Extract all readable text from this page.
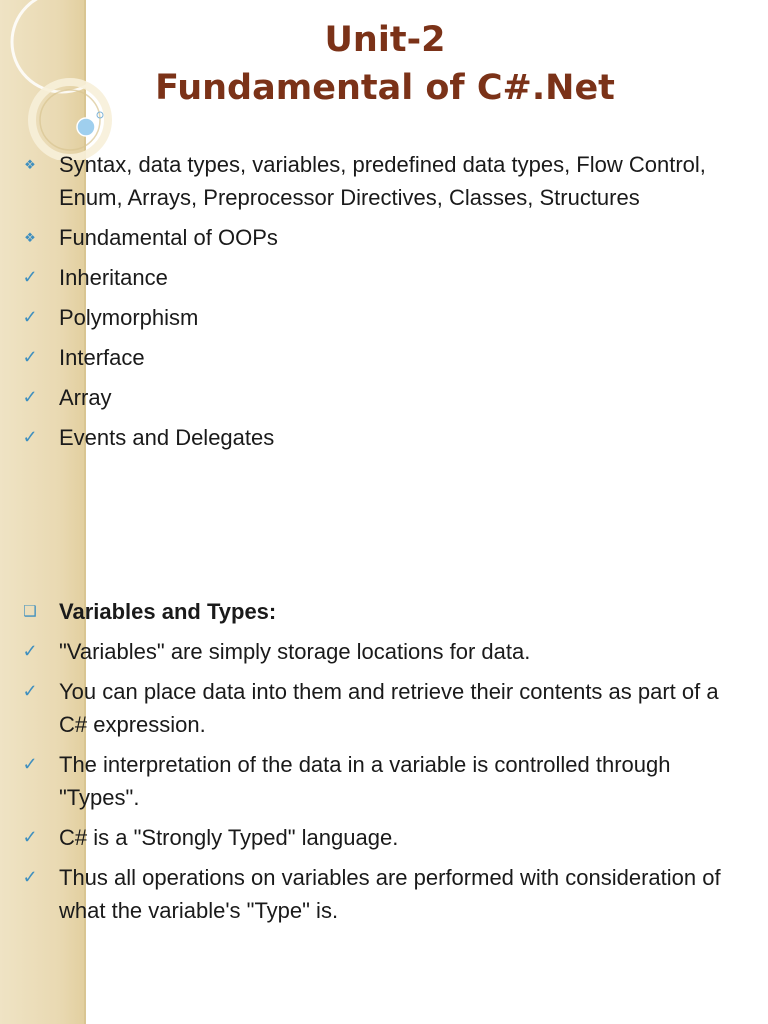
Unit-2
Fundamental of C#.Net
❖ Syntax, data types, variables, predefined data types, Flow Control, Enum, Arrays, Preprocessor Directives, Classes, Structures
❖ Fundamental of OOPs
✓ Inheritance
✓ Polymorphism
✓ Interface
✓ Array
✓ Events and Delegates
❑ Variables and Types:
✓ "Variables" are simply storage locations for data.
✓ You can place data into them and retrieve their contents as part of a C# expression.
✓ The interpretation of the data in a variable is controlled through "Types".
✓ C# is a "Strongly Typed" language.
✓ Thus all operations on variables are performed with consideration of what the variable's "Type" is.
